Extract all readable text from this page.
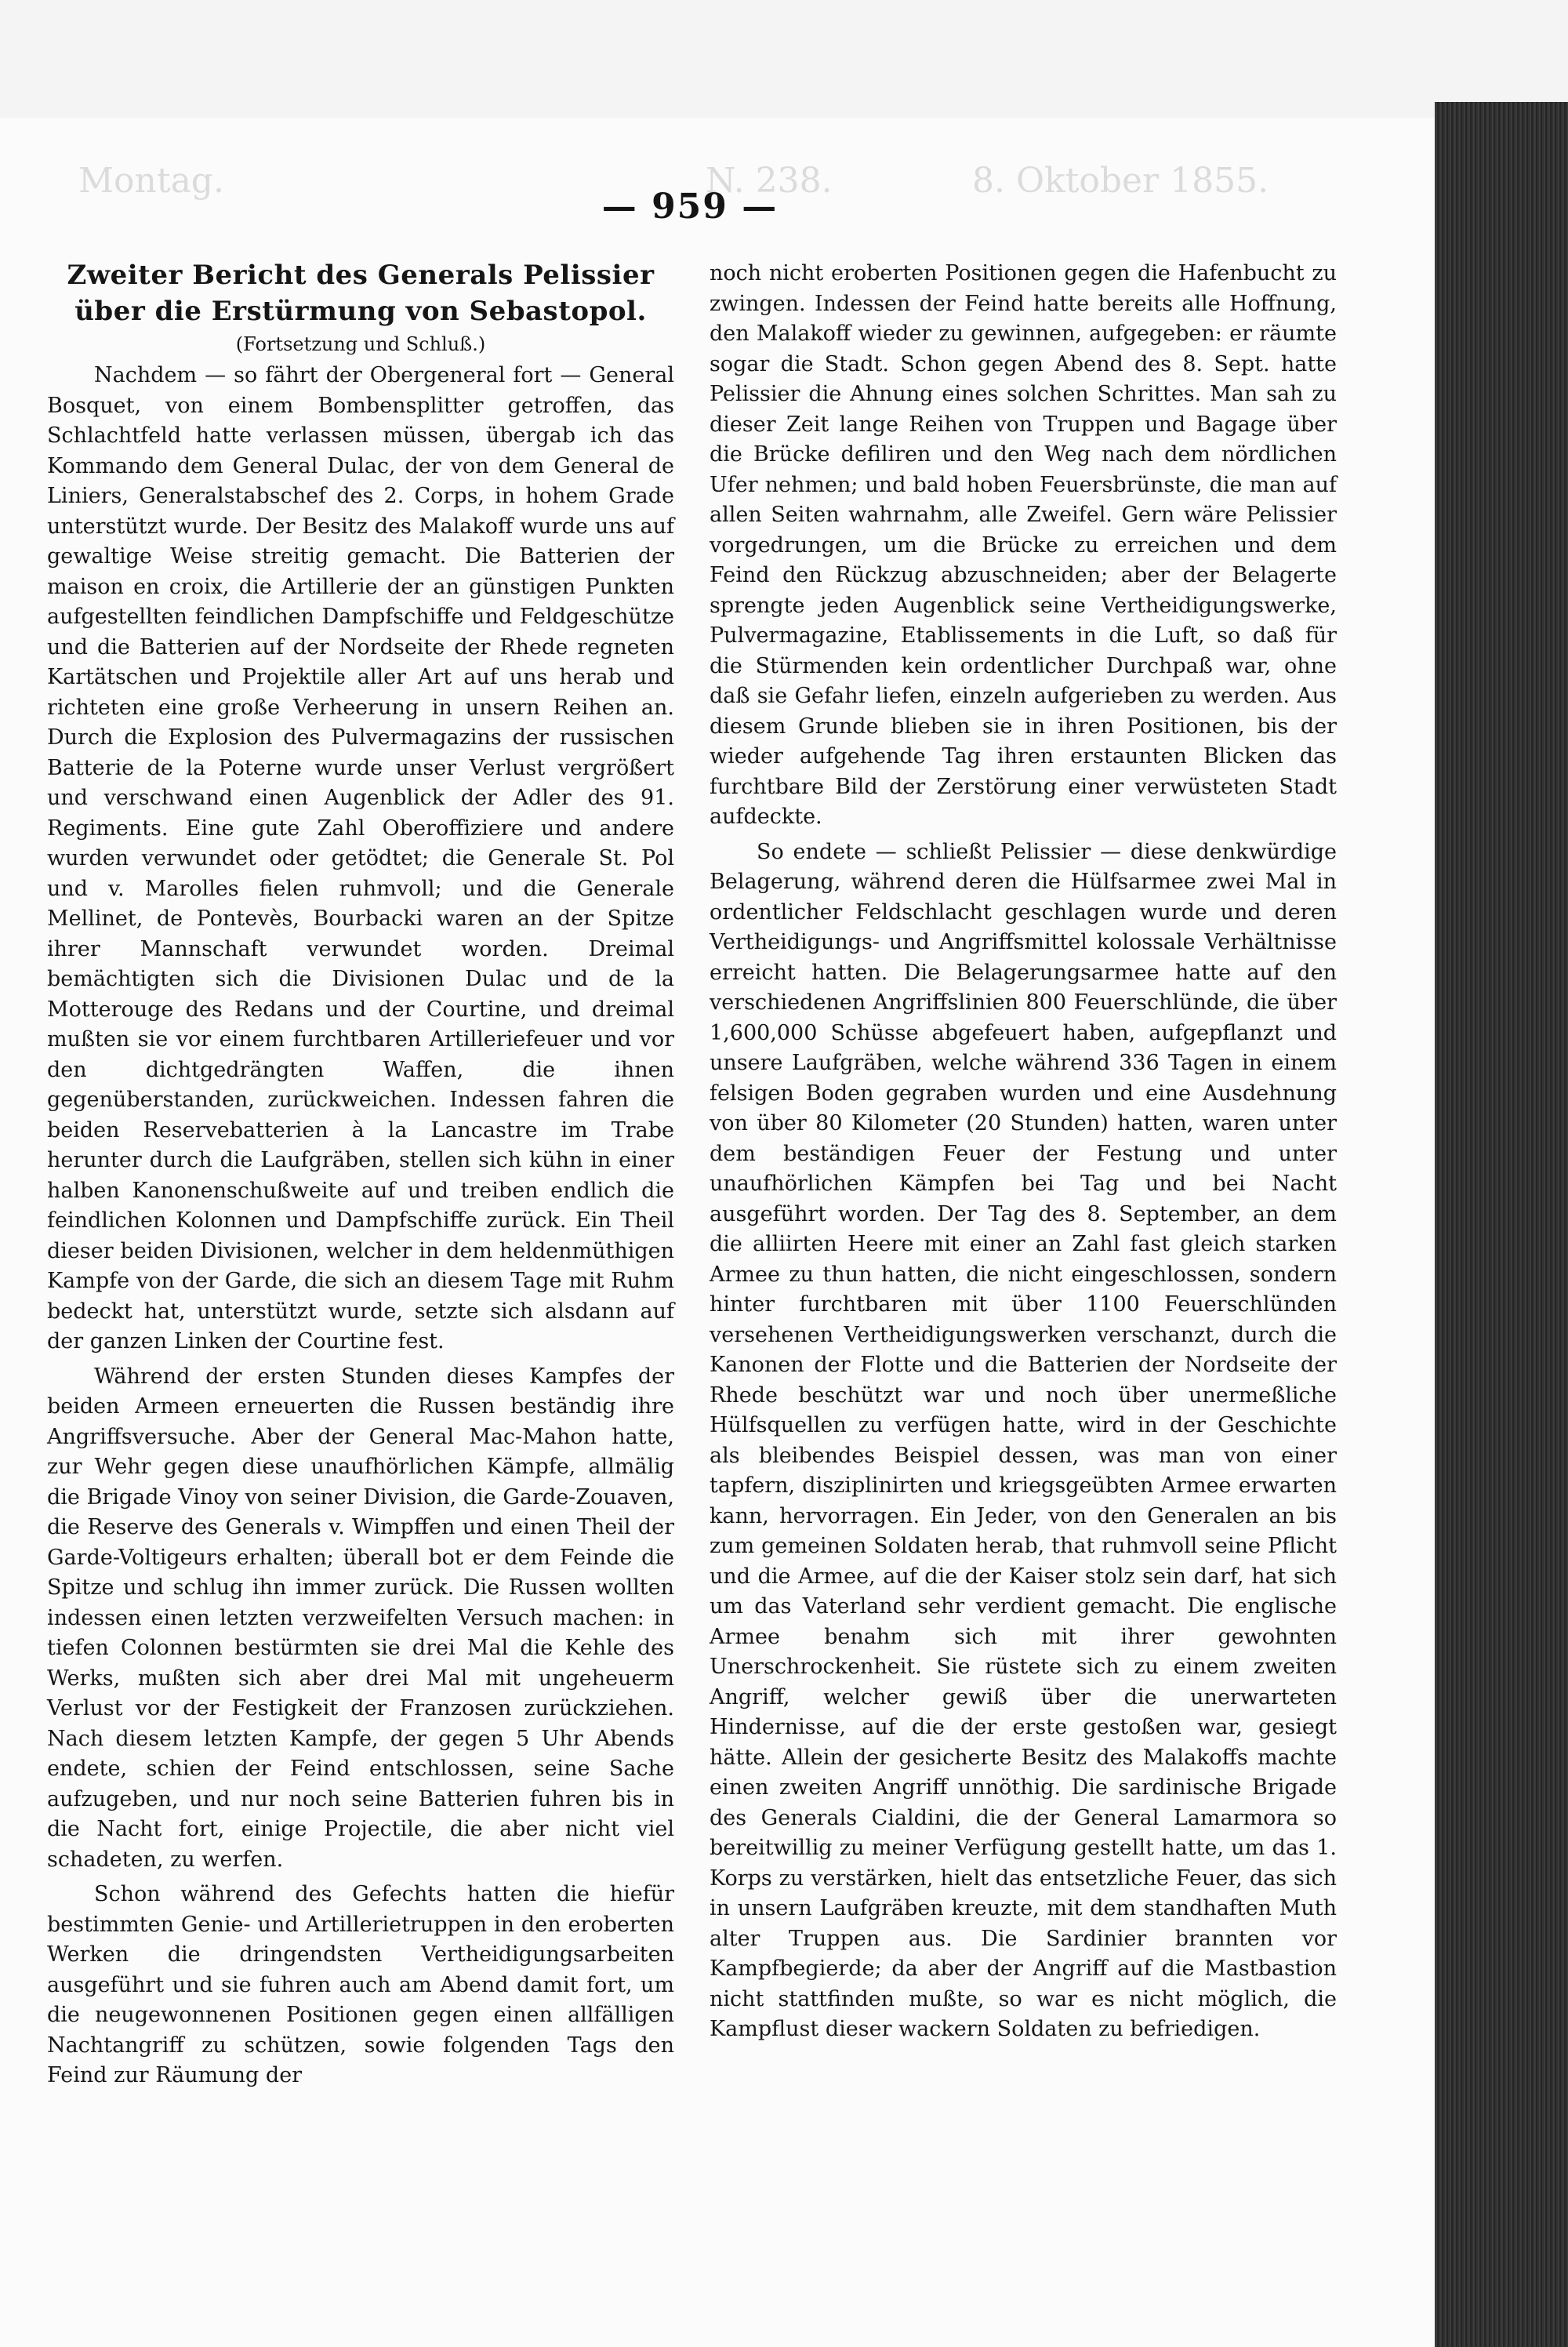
Montag.	N. 238.	8. Oktober 1855.
— 959 —
Zweiter Bericht des Generals Pelissier
über die Erstürmung von Sebastopol.
(Fortsetzung und Schluß.)

Nachdem — so fährt der Obergeneral fort — General Bosquet, von einem Bombensplitter getroffen, das Schlachtfeld hatte verlassen müssen, übergab ich das Kommando dem General Dulac, der von dem General de Liniers, Generalstabschef des 2. Corps, in hohem Grade unterstützt wurde. Der Besitz des Malakoff wurde uns auf gewaltige Weise streitig gemacht. Die Batterien der maison en croix, die Artillerie der an günstigen Punkten aufgestellten feindlichen Dampfschiffe und Feldgeschütze und die Batterien auf der Nordseite der Rhede regneten Kartätschen und Projektile aller Art auf uns herab und richteten eine große Verheerung in unsern Reihen an. Durch die Explosion des Pulvermagazins der russischen Batterie de la Poterne wurde unser Verlust vergrößert und verschwand einen Augenblick der Adler des 91. Regiments. Eine gute Zahl Oberoffiziere und andere wurden verwundet oder getödtet; die Generale St. Pol und v. Marolles fielen ruhmvoll; und die Generale Mellinet, de Pontevès, Bourbacki waren an der Spitze ihrer Mannschaft verwundet worden. Dreimal bemächtigten sich die Divisionen Dulac und de la Motterouge des Redans und der Courtine, und dreimal mußten sie vor einem furchtbaren Artilleriefeuer und vor den dichtgedrängten Waffen, die ihnen gegenüberstanden, zurückweichen. Indessen fahren die beiden Reservebatterien à la Lancastre im Trabe herunter durch die Laufgräben, stellen sich kühn in einer halben Kanonenschußweite auf und treiben endlich die feindlichen Kolonnen und Dampfschiffe zurück. Ein Theil dieser beiden Divisionen, welcher in dem heldenmüthigen Kampfe von der Garde, die sich an diesem Tage mit Ruhm bedeckt hat, unterstützt wurde, setzte sich alsdann auf der ganzen Linken der Courtine fest.

Während der ersten Stunden dieses Kampfes der beiden Armeen erneuerten die Russen beständig ihre Angriffsversuche. Aber der General Mac-Mahon hatte, zur Wehr gegen diese unaufhörlichen Kämpfe, allmälig die Brigade Vinoy von seiner Division, die Garde-Zouaven, die Reserve des Generals v. Wimpffen und einen Theil der Garde-Voltigeurs erhalten; überall bot er dem Feinde die Spitze und schlug ihn immer zurück. Die Russen wollten indessen einen letzten verzweifelten Versuch machen: in tiefen Colonnen bestürmten sie drei Mal die Kehle des Werks, mußten sich aber drei Mal mit ungeheuerm Verlust vor der Festigkeit der Franzosen zurückziehen. Nach diesem letzten Kampfe, der gegen 5 Uhr Abends endete, schien der Feind entschlossen, seine Sache aufzugeben, und nur noch seine Batterien fuhren bis in die Nacht fort, einige Projectile, die aber nicht viel schadeten, zu werfen.

Schon während des Gefechts hatten die hiefür bestimmten Genie- und Artillerietruppen in den eroberten Werken die dringendsten Vertheidigungsarbeiten ausgeführt und sie fuhren auch am Abend damit fort, um die neugewonnenen Positionen gegen einen allfälligen Nachtangriff zu schützen, sowie folgenden Tags den Feind zur Räumung der

noch nicht eroberten Positionen gegen die Hafenbucht zu zwingen. Indessen der Feind hatte bereits alle Hoffnung, den Malakoff wieder zu gewinnen, aufgegeben: er räumte sogar die Stadt. Schon gegen Abend des 8. Sept. hatte Pelissier die Ahnung eines solchen Schrittes. Man sah zu dieser Zeit lange Reihen von Truppen und Bagage über die Brücke defiliren und den Weg nach dem nördlichen Ufer nehmen; und bald hoben Feuersbrünste, die man auf allen Seiten wahrnahm, alle Zweifel. Gern wäre Pelissier vorgedrungen, um die Brücke zu erreichen und dem Feind den Rückzug abzuschneiden; aber der Belagerte sprengte jeden Augenblick seine Vertheidigungswerke, Pulvermagazine, Etablissements in die Luft, so daß für die Stürmenden kein ordentlicher Durchpaß war, ohne daß sie Gefahr liefen, einzeln aufgerieben zu werden. Aus diesem Grunde blieben sie in ihren Positionen, bis der wieder aufgehende Tag ihren erstaunten Blicken das furchtbare Bild der Zerstörung einer verwüsteten Stadt aufdeckte.

So endete — schließt Pelissier — diese denkwürdige Belagerung, während deren die Hülfsarmee zwei Mal in ordentlicher Feldschlacht geschlagen wurde und deren Vertheidigungs- und Angriffsmittel kolossale Verhältnisse erreicht hatten. Die Belagerungsarmee hatte auf den verschiedenen Angriffslinien 800 Feuerschlünde, die über 1,600,000 Schüsse abgefeuert haben, aufgepflanzt und unsere Laufgräben, welche während 336 Tagen in einem felsigen Boden gegraben wurden und eine Ausdehnung von über 80 Kilometer (20 Stunden) hatten, waren unter dem beständigen Feuer der Festung und unter unaufhörlichen Kämpfen bei Tag und bei Nacht ausgeführt worden. Der Tag des 8. September, an dem die alliirten Heere mit einer an Zahl fast gleich starken Armee zu thun hatten, die nicht eingeschlossen, sondern hinter furchtbaren mit über 1100 Feuerschlünden versehenen Vertheidigungswerken verschanzt, durch die Kanonen der Flotte und die Batterien der Nordseite der Rhede beschützt war und noch über unermeßliche Hülfsquellen zu verfügen hatte, wird in der Geschichte als bleibendes Beispiel dessen, was man von einer tapfern, disziplinirten und kriegsgeübten Armee erwarten kann, hervorragen. Ein Jeder, von den Generalen an bis zum gemeinen Soldaten herab, that ruhmvoll seine Pflicht und die Armee, auf die der Kaiser stolz sein darf, hat sich um das Vaterland sehr verdient gemacht. Die englische Armee benahm sich mit ihrer gewohnten Unerschrockenheit. Sie rüstete sich zu einem zweiten Angriff, welcher gewiß über die unerwarteten Hindernisse, auf die der erste gestoßen war, gesiegt hätte. Allein der gesicherte Besitz des Malakoffs machte einen zweiten Angriff unnöthig. Die sardinische Brigade des Generals Cialdini, die der General Lamarmora so bereitwillig zu meiner Verfügung gestellt hatte, um das 1. Korps zu verstärken, hielt das entsetzliche Feuer, das sich in unsern Laufgräben kreuzte, mit dem standhaften Muth alter Truppen aus. Die Sardinier brannten vor Kampfbegierde; da aber der Angriff auf die Mastbastion nicht stattfinden mußte, so war es nicht möglich, die Kampflust dieser wackern Soldaten zu befriedigen.
